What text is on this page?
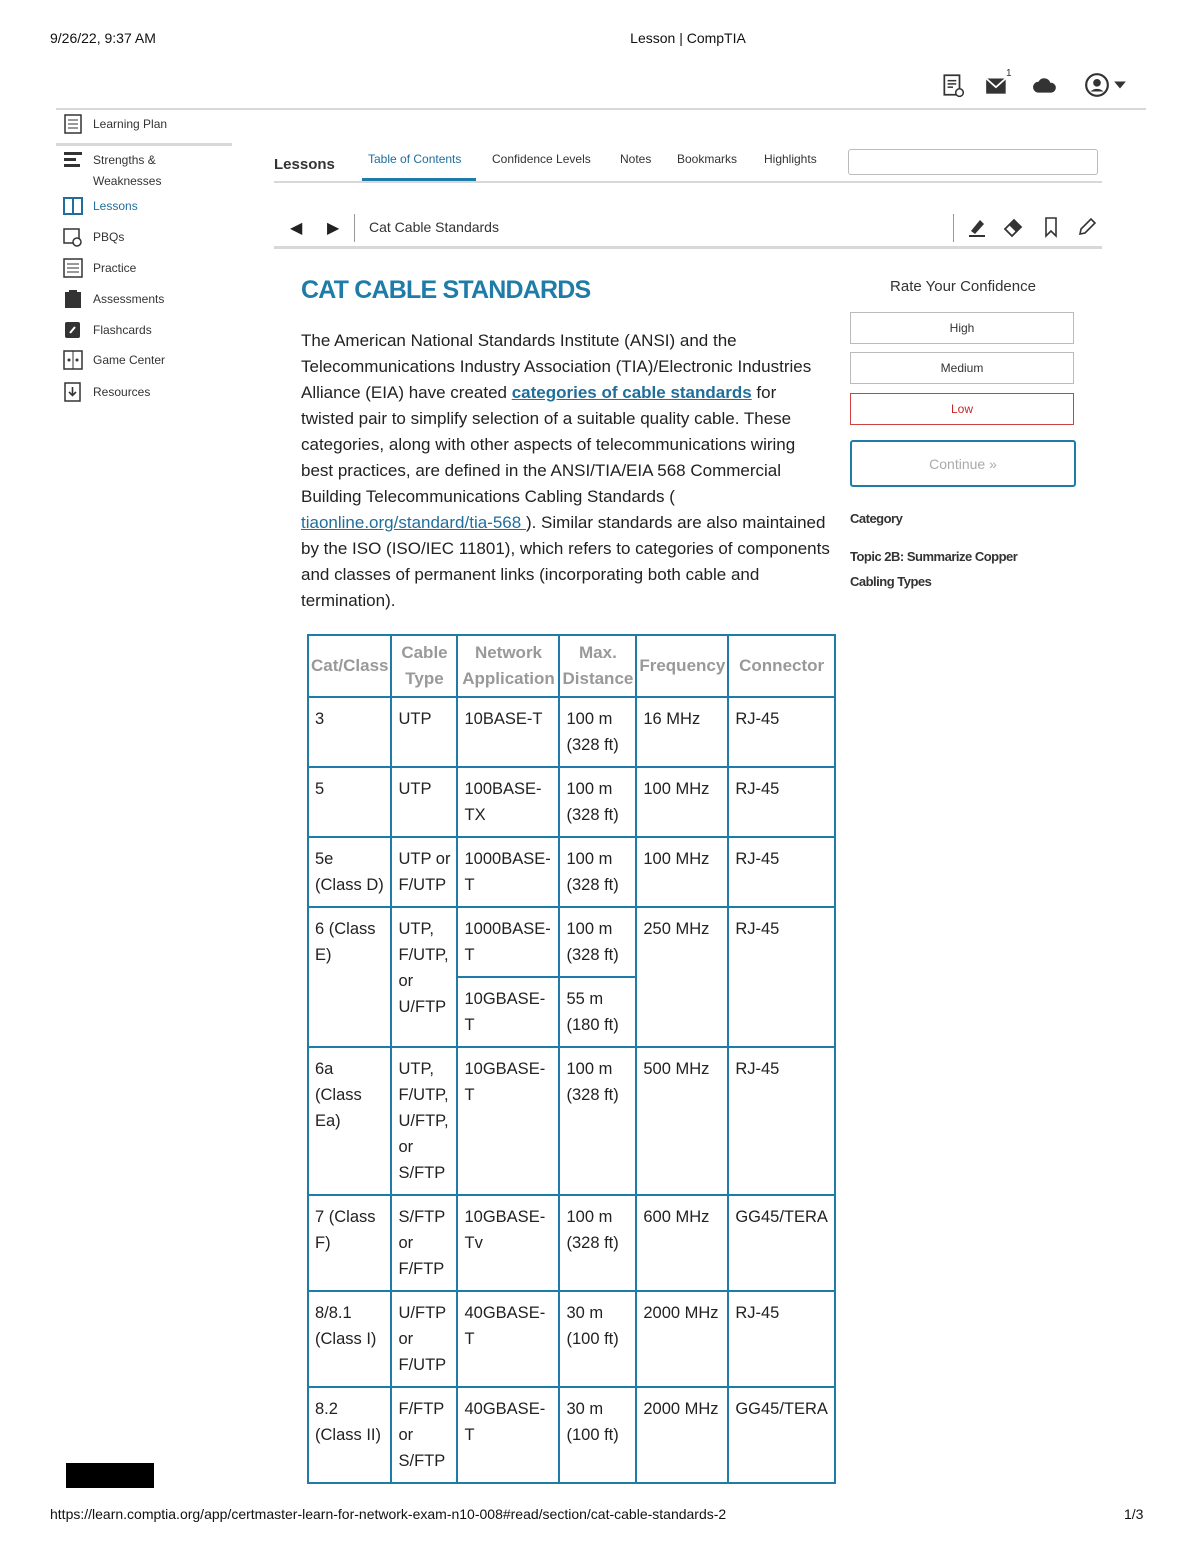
9/26/22, 9:37 AM	Lesson | CompTIA
1
Learning Plan
Strengths &
Weaknesses
Lessons
PBQs
Practice
Assessments
Flashcards
Game Center
Resources
Lessons	Table of Contents	Confidence Levels Notes Bookmarks Highlights
◀ ▶ Cat Cable Standards
CAT CABLE STANDARDS
The American National Standards Institute (ANSI) and the Telecommunications Industry Association (TIA)/Electronic Industries Alliance (EIA) have created categories of cable standards for twisted pair to simplify selection of a suitable quality cable. These categories, along with other aspects of telecommunications wiring best practices, are defined in the ANSI/TIA/EIA 568 Commercial Building Telecommunications Cabling Standards ( tiaonline.org/standard/tia-568 ). Similar standards are also maintained by the ISO (ISO/IEC 11801), which refers to categories of components and classes of permanent links (incorporating both cable and termination).
Cat/Class	Cable Type	Network Application	Max. Distance	Frequency	Connector
3	UTP	10BASE-T	100 m (328 ft)	16 MHz	RJ-45
5	UTP	100BASE-TX	100 m (328 ft)	100 MHz	RJ-45
5e (Class D)	UTP or F/UTP	1000BASE-T	100 m (328 ft)	100 MHz	RJ-45
6 (Class E)	UTP, F/UTP, or U/FTP	1000BASE-T	100 m (328 ft)	250 MHz	RJ-45
		10GBASE-T	55 m (180 ft)		
6a (Class Ea)	UTP, F/UTP, U/FTP, or S/FTP	10GBASE-T	100 m (328 ft)	500 MHz	RJ-45
7 (Class F)	S/FTP or F/FTP	10GBASE-Tv	100 m (328 ft)	600 MHz	GG45/TERA
8/8.1 (Class I)	U/FTP or F/UTP	40GBASE-T	30 m (100 ft)	2000 MHz	RJ-45
8.2 (Class II)	F/FTP or S/FTP	40GBASE-T	30 m (100 ft)	2000 MHz	GG45/TERA
Rate Your Confidence
High
Medium
Low
Continue »
Category
Topic 2B: Summarize Copper Cabling Types
https://learn.comptia.org/app/certmaster-learn-for-network-exam-n10-008#read/section/cat-cable-standards-2	1/3
